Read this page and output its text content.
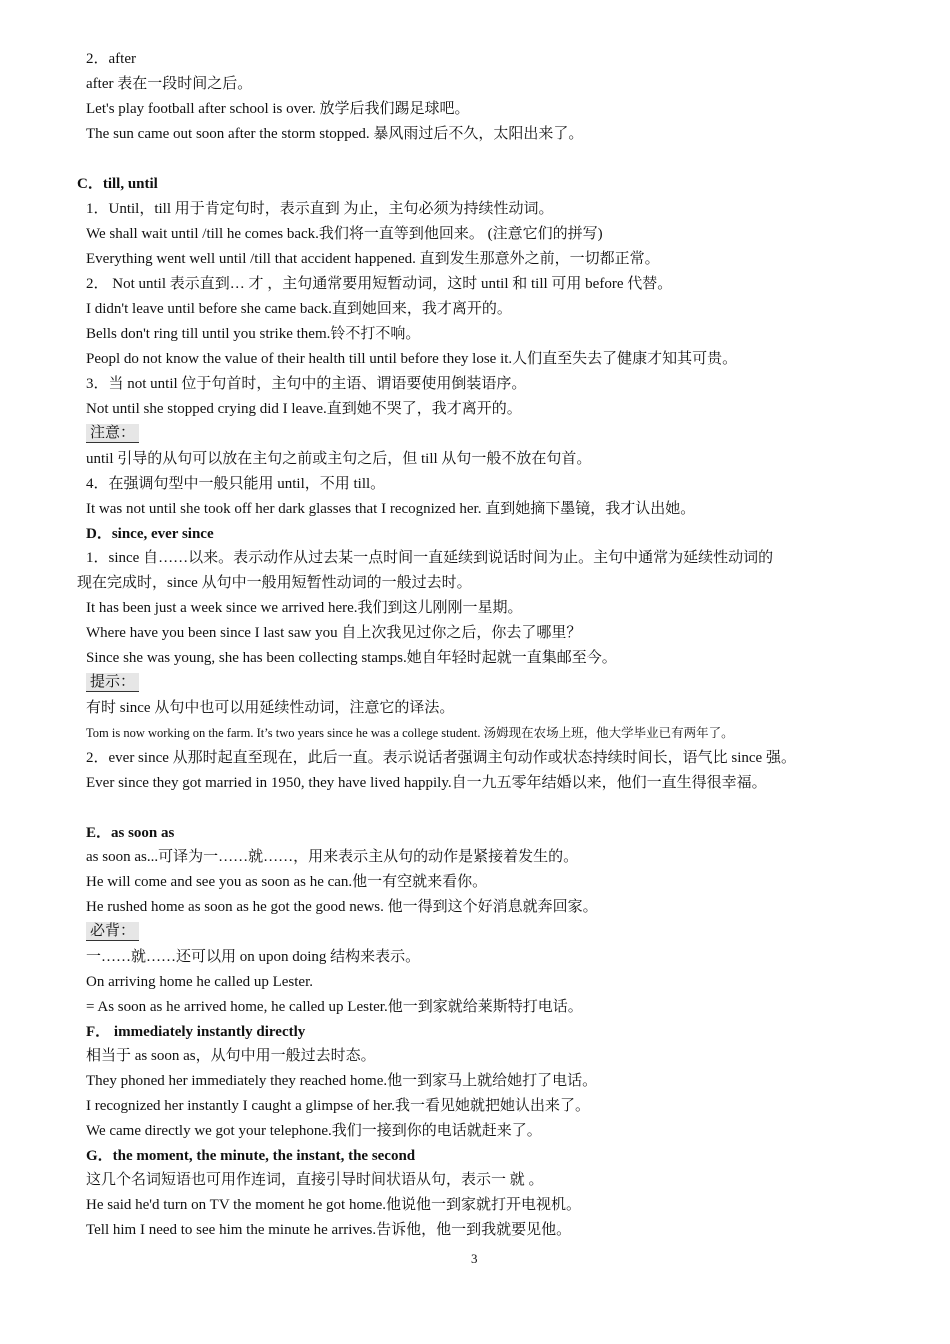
2．after
after 表在一段时间之后。
Let's play football after school is over. 放学后我们踢足球吧。
The sun came out soon after the storm stopped. 暴风雨过后不久，太阳出来了。
C．till, until
1．Until，till 用于肯定句时，表示直到 为止，主句必须为持续性动词。
We shall wait until /till he comes back.我们将一直等到他回来。 (注意它们的拼写)
Everything went well until /till that accident happened. 直到发生那意外之前，一切都正常。
2． Not until 表示直到… 才 ，主句通常要用短暂动词，这时 until 和 till 可用 before 代替。
I didn't leave until before she came back.直到她回来，我才离开的。
Bells don't ring till until you strike them.铃不打不响。
Peopl do not know the value of their health till until before they lose it.人们直至失去了健康才知其可贵。
3．当 not until 位于句首时，主句中的主语、谓语要使用倒装语序。
Not until she stopped crying did I leave.直到她不哭了，我才离开的。
注意：
until 引导的从句可以放在主句之前或主句之后，但 till 从句一般不放在句首。
4．在强调句型中一般只能用 until，不用 till。
It was not until she took off her dark glasses that I recognized her. 直到她摘下墨镜，我才认出她。
D．since, ever since
1．since 自……以来。表示动作从过去某一点时间一直延续到说话时间为止。主句中通常为延续性动词的
现在完成时，since 从句中一般用短暂性动词的一般过去时。
It has been just a week since we arrived here.我们到这儿刚刚一星期。
Where have you been since I last saw you 自上次我见过你之后，你去了哪里？
Since she was young, she has been collecting stamps.她自年轻时起就一直集邮至今。
提示：
有时 since 从句中也可以用延续性动词，注意它的译法。
Tom is now working on the farm. It’s two years since he was a college student. 汤姆现在农场上班，他大学毕业已有两年了。
2．ever since 从那时起直至现在，此后一直。表示说话者强调主句动作或状态持续时间长，语气比 since 强。
Ever since they got married in 1950, they have lived happily.自一九五零年结婚以来，他们一直生得很幸福。
E．as soon as
as soon as...可译为一……就……，用来表示主从句的动作是紧接着发生的。
He will come and see you as soon as he can.他一有空就来看你。
He rushed home as soon as he got the good news. 他一得到这个好消息就奔回家。
必背：
一……就……还可以用 on upon doing 结构来表示。
On arriving home he called up Lester.
= As soon as he arrived home, he called up Lester.他一到家就给莱斯特打电话。
F． immediately instantly directly
相当于 as soon as，从句中用一般过去时态。
They phoned her immediately they reached home.他一到家马上就给她打了电话。
I recognized her instantly I caught a glimpse of her.我一看见她就把她认出来了。
We came directly we got your telephone.我们一接到你的电话就赶来了。
G．the moment, the minute, the instant, the second
这几个名词短语也可用作连词，直接引导时间状语从句，表示一 就 。
He said he'd turn on TV the moment he got home.他说他一到家就打开电视机。
Tell him I need to see him the minute he arrives.告诉他，他一到我就要见他。
3
